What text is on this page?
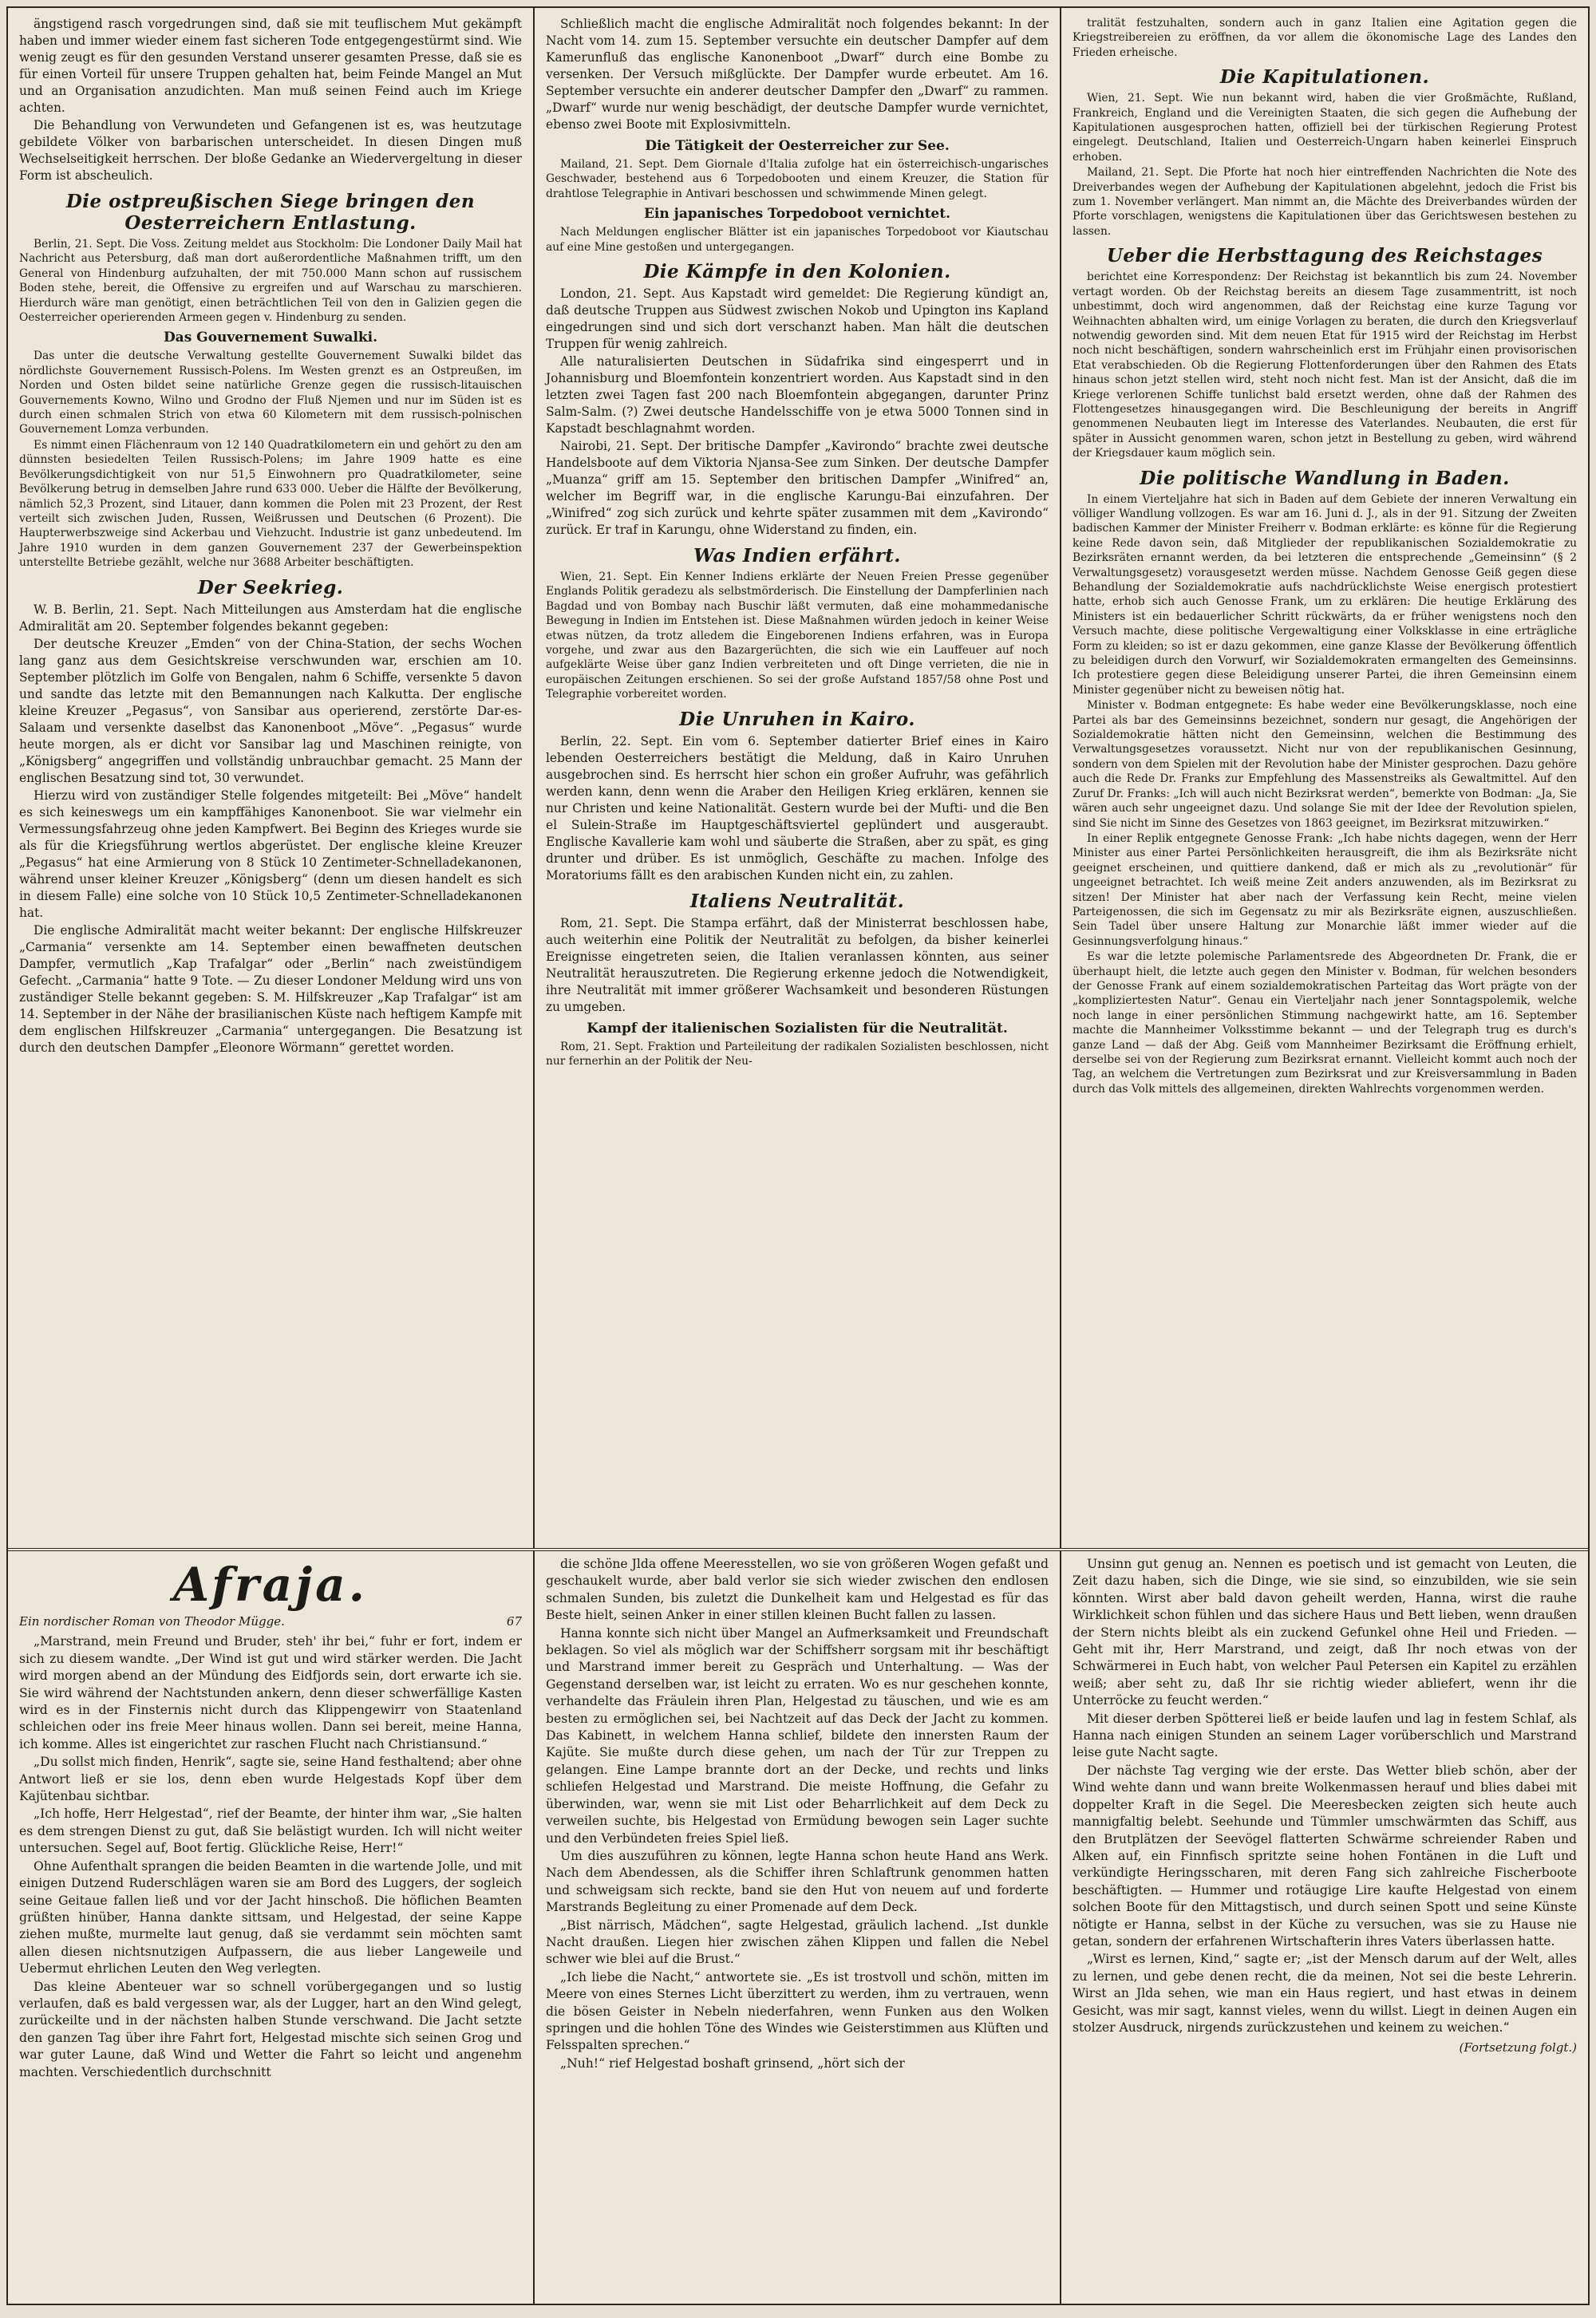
ängstigend rasch vorgedrungen sind, daß sie mit teuflischem Mut gekämpft haben und immer wieder einem fast sicheren Tode entgegengestürmt sind. Wie wenig zeugt es für den gesunden Verstand unserer gesamten Presse, daß sie es für einen Vorteil für unsere Truppen gehalten hat, beim Feinde Mangel an Mut und an Organisation anzudichten. Man muß seinen Feind auch im Kriege achten.

Die Behandlung von Verwundeten und Gefangenen ist es, was heutzutage gebildete Völker von barbarischen unterscheidet. In diesen Dingen muß Wechselseitigkeit herrschen. Der bloße Gedanke an Wiedervergeltung in dieser Form ist abscheulich.

Die ostpreußischen Siege bringen den Oesterreichern Entlastung.

Berlin, 21. Sept. Die Voss. Zeitung meldet aus Stockholm: Die Londoner Daily Mail hat Nachricht aus Petersburg, daß man dort außerordentliche Maßnahmen trifft, um den General von Hindenburg aufzuhalten, der mit 750.000 Mann schon auf russischem Boden stehe, bereit, die Offensive zu ergreifen und auf Warschau zu marschieren. Hierdurch wäre man genötigt, einen beträchtlichen Teil von den in Galizien gegen die Oesterreicher operierenden Armeen gegen v. Hindenburg zu senden.

Das Gouvernement Suwalki.

Das unter die deutsche Verwaltung gestellte Gouvernement Suwalki bildet das nördlichste Gouvernement Russisch-Polens. Im Westen grenzt es an Ostpreußen, im Norden und Osten bildet seine natürliche Grenze gegen die russisch-litauischen Gouvernements Kowno, Wilno und Grodno der Fluß Njemen und nur im Süden ist es durch einen schmalen Strich von etwa 60 Kilometern mit dem russisch-polnischen Gouvernement Lomza verbunden.

Es nimmt einen Flächenraum von 12 140 Quadratkilometern ein und gehört zu den am dünnsten besiedelten Teilen Russisch-Polens; im Jahre 1909 hatte es eine Bevölkerungsdichtigkeit von nur 51,5 Einwohnern pro Quadratkilometer, seine Bevölkerung betrug in demselben Jahre rund 633 000. Ueber die Hälfte der Bevölkerung, nämlich 52,3 Prozent, sind Litauer, dann kommen die Polen mit 23 Prozent, der Rest verteilt sich zwischen Juden, Russen, Weißrussen und Deutschen (6 Prozent). Die Haupterwerbszweige sind Ackerbau und Viehzucht. Industrie ist ganz unbedeutend. Im Jahre 1910 wurden in dem ganzen Gouvernement 237 der Gewerbeinspektion unterstellte Betriebe gezählt, welche nur 3688 Arbeiter beschäftigten.

Der Seekrieg.

W. B. Berlin, 21. Sept. Nach Mitteilungen aus Amsterdam hat die englische Admiralität am 20. September folgendes bekannt gegeben:

Der deutsche Kreuzer „Emden“ von der China-Station, der sechs Wochen lang ganz aus dem Gesichtskreise verschwunden war, erschien am 10. September plötzlich im Golfe von Bengalen, nahm 6 Schiffe, versenkte 5 davon und sandte das letzte mit den Bemannungen nach Kalkutta. Der englische kleine Kreuzer „Pegasus“, von Sansibar aus operierend, zerstörte Dar-es-Salaam und versenkte daselbst das Kanonenboot „Möve“. „Pegasus“ wurde heute morgen, als er dicht vor Sansibar lag und Maschinen reinigte, von „Königsberg“ angegriffen und vollständig unbrauchbar gemacht. 25 Mann der englischen Besatzung sind tot, 30 verwundet.

Hierzu wird von zuständiger Stelle folgendes mitgeteilt: Bei „Möve“ handelt es sich keineswegs um ein kampffähiges Kanonenboot. Sie war vielmehr ein Vermessungsfahrzeug ohne jeden Kampfwert. Bei Beginn des Krieges wurde sie als für die Kriegsführung wertlos abgerüstet. Der englische kleine Kreuzer „Pegasus“ hat eine Armierung von 8 Stück 10 Zentimeter-Schnelladekanonen, während unser kleiner Kreuzer „Königsberg“ (denn um diesen handelt es sich in diesem Falle) eine solche von 10 Stück 10,5 Zentimeter-Schnelladekanonen hat.

Die englische Admiralität macht weiter bekannt: Der englische Hilfskreuzer „Carmania“ versenkte am 14. September einen bewaffneten deutschen Dampfer, vermutlich „Kap Trafalgar“ oder „Berlin“ nach zweistündigem Gefecht. „Carmania“ hatte 9 Tote. — Zu dieser Londoner Meldung wird uns von zuständiger Stelle bekannt gegeben: S. M. Hilfskreuzer „Kap Trafalgar“ ist am 14. September in der Nähe der brasilianischen Küste nach heftigem Kampfe mit dem englischen Hilfskreuzer „Carmania“ untergegangen. Die Besatzung ist durch den deutschen Dampfer „Eleonore Wörmann“ gerettet worden.

Schließlich macht die englische Admiralität noch folgendes bekannt: In der Nacht vom 14. zum 15. September versuchte ein deutscher Dampfer auf dem Kamerunfluß das englische Kanonenboot „Dwarf“ durch eine Bombe zu versenken. Der Versuch mißglückte. Der Dampfer wurde erbeutet. Am 16. September versuchte ein anderer deutscher Dampfer den „Dwarf“ zu rammen. „Dwarf“ wurde nur wenig beschädigt, der deutsche Dampfer wurde vernichtet, ebenso zwei Boote mit Explosivmitteln.

Die Tätigkeit der Oesterreicher zur See.

Mailand, 21. Sept. Dem Giornale d'Italia zufolge hat ein österreichisch-ungarisches Geschwader, bestehend aus 6 Torpedobooten und einem Kreuzer, die Station für drahtlose Telegraphie in Antivari beschossen und schwimmende Minen gelegt.

Ein japanisches Torpedoboot vernichtet.

Nach Meldungen englischer Blätter ist ein japanisches Torpedoboot vor Kiautschau auf eine Mine gestoßen und untergegangen.

Die Kämpfe in den Kolonien.

London, 21. Sept. Aus Kapstadt wird gemeldet: Die Regierung kündigt an, daß deutsche Truppen aus Südwest zwischen Nokob und Upington ins Kapland eingedrungen sind und sich dort verschanzt haben. Man hält die deutschen Truppen für wenig zahlreich.

Alle naturalisierten Deutschen in Südafrika sind eingesperrt und in Johannisburg und Bloemfontein konzentriert worden. Aus Kapstadt sind in den letzten zwei Tagen fast 200 nach Bloemfontein abgegangen, darunter Prinz Salm-Salm. (?) Zwei deutsche Handelsschiffe von je etwa 5000 Tonnen sind in Kapstadt beschlagnahmt worden.

Nairobi, 21. Sept. Der britische Dampfer „Kavirondo“ brachte zwei deutsche Handelsboote auf dem Viktoria Njansa-See zum Sinken. Der deutsche Dampfer „Muanza“ griff am 15. September den britischen Dampfer „Winifred“ an, welcher im Begriff war, in die englische Karungu-Bai einzufahren. Der „Winifred“ zog sich zurück und kehrte später zusammen mit dem „Kavirondo“ zurück. Er traf in Karungu, ohne Widerstand zu finden, ein.

Was Indien erfährt.

Wien, 21. Sept. Ein Kenner Indiens erklärte der Neuen Freien Presse gegenüber Englands Politik geradezu als selbstmörderisch. Die Einstellung der Dampferlinien nach Bagdad und von Bombay nach Buschir läßt vermuten, daß eine mohammedanische Bewegung in Indien im Entstehen ist. Diese Maßnahmen würden jedoch in keiner Weise etwas nützen, da trotz alledem die Eingeborenen Indiens erfahren, was in Europa vorgehe, und zwar aus den Bazargerüchten, die sich wie ein Lauffeuer auf noch aufgeklärte Weise über ganz Indien verbreiteten und oft Dinge verrieten, die nie in europäischen Zeitungen erschienen. So sei der große Aufstand 1857/58 ohne Post und Telegraphie vorbereitet worden.

Die Unruhen in Kairo.

Berlin, 22. Sept. Ein vom 6. September datierter Brief eines in Kairo lebenden Oesterreichers bestätigt die Meldung, daß in Kairo Unruhen ausgebrochen sind. Es herrscht hier schon ein großer Aufruhr, was gefährlich werden kann, denn wenn die Araber den Heiligen Krieg erklären, kennen sie nur Christen und keine Nationalität. Gestern wurde bei der Mufti- und die Ben el Sulein-Straße im Hauptgeschäftsviertel geplündert und ausgeraubt. Englische Kavallerie kam wohl und säuberte die Straßen, aber zu spät, es ging drunter und drüber. Es ist unmöglich, Geschäfte zu machen. Infolge des Moratoriums fällt es den arabischen Kunden nicht ein, zu zahlen.

Italiens Neutralität.

Rom, 21. Sept. Die Stampa erfährt, daß der Ministerrat beschlossen habe, auch weiterhin eine Politik der Neutralität zu befolgen, da bisher keinerlei Ereignisse eingetreten seien, die Italien veranlassen könnten, aus seiner Neutralität herauszutreten. Die Regierung erkenne jedoch die Notwendigkeit, ihre Neutralität mit immer größerer Wachsamkeit und besonderen Rüstungen zu umgeben.

Kampf der italienischen Sozialisten für die Neutralität.

Rom, 21. Sept. Fraktion und Parteileitung der radikalen Sozialisten beschlossen, nicht nur fernerhin an der Politik der Neu-

tralität festzuhalten, sondern auch in ganz Italien eine Agitation gegen die Kriegstreibereien zu eröffnen, da vor allem die ökonomische Lage des Landes den Frieden erheische.

Die Kapitulationen.

Wien, 21. Sept. Wie nun bekannt wird, haben die vier Großmächte, Rußland, Frankreich, England und die Vereinigten Staaten, die sich gegen die Aufhebung der Kapitulationen ausgesprochen hatten, offiziell bei der türkischen Regierung Protest eingelegt. Deutschland, Italien und Oesterreich-Ungarn haben keinerlei Einspruch erhoben.

Mailand, 21. Sept. Die Pforte hat noch hier eintreffenden Nachrichten die Note des Dreiverbandes wegen der Aufhebung der Kapitulationen abgelehnt, jedoch die Frist bis zum 1. November verlängert. Man nimmt an, die Mächte des Dreiverbandes würden der Pforte vorschlagen, wenigstens die Kapitulationen über das Gerichtswesen bestehen zu lassen.

Ueber die Herbsttagung des Reichstages

berichtet eine Korrespondenz: Der Reichstag ist bekanntlich bis zum 24. November vertagt worden. Ob der Reichstag bereits an diesem Tage zusammentritt, ist noch unbestimmt, doch wird angenommen, daß der Reichstag eine kurze Tagung vor Weihnachten abhalten wird, um einige Vorlagen zu beraten, die durch den Kriegsverlauf notwendig geworden sind. Mit dem neuen Etat für 1915 wird der Reichstag im Herbst noch nicht beschäftigen, sondern wahrscheinlich erst im Frühjahr einen provisorischen Etat verabschieden. Ob die Regierung Flottenforderungen über den Rahmen des Etats hinaus schon jetzt stellen wird, steht noch nicht fest. Man ist der Ansicht, daß die im Kriege verlorenen Schiffe tunlichst bald ersetzt werden, ohne daß der Rahmen des Flottengesetzes hinausgegangen wird. Die Beschleunigung der bereits in Angriff genommenen Neubauten liegt im Interesse des Vaterlandes. Neubauten, die erst für später in Aussicht genommen waren, schon jetzt in Bestellung zu geben, wird während der Kriegsdauer kaum möglich sein.

Die politische Wandlung in Baden.

In einem Vierteljahre hat sich in Baden auf dem Gebiete der inneren Verwaltung ein völliger Wandlung vollzogen. Es war am 16. Juni d. J., als in der 91. Sitzung der Zweiten badischen Kammer der Minister Freiherr v. Bodman erklärte: es könne für die Regierung keine Rede davon sein, daß Mitglieder der republikanischen Sozialdemokratie zu Bezirksräten ernannt werden, da bei letzteren die entsprechende „Gemeinsinn“ (§ 2 Verwaltungsgesetz) vorausgesetzt werden müsse. Nachdem Genosse Geiß gegen diese Behandlung der Sozialdemokratie aufs nachdrücklichste Weise energisch protestiert hatte, erhob sich auch Genosse Frank, um zu erklären: Die heutige Erklärung des Ministers ist ein bedauerlicher Schritt rückwärts, da er früher wenigstens noch den Versuch machte, diese politische Vergewaltigung einer Volksklasse in eine erträgliche Form zu kleiden; so ist er dazu gekommen, eine ganze Klasse der Bevölkerung öffentlich zu beleidigen durch den Vorwurf, wir Sozialdemokraten ermangelten des Gemeinsinns. Ich protestiere gegen diese Beleidigung unserer Partei, die ihren Gemeinsinn einem Minister gegenüber nicht zu beweisen nötig hat.

Minister v. Bodman entgegnete: Es habe weder eine Bevölkerungsklasse, noch eine Partei als bar des Gemeinsinns bezeichnet, sondern nur gesagt, die Angehörigen der Sozialdemokratie hätten nicht den Gemeinsinn, welchen die Bestimmung des Verwaltungsgesetzes voraussetzt. Nicht nur von der republikanischen Gesinnung, sondern von dem Spielen mit der Revolution habe der Minister gesprochen. Dazu gehöre auch die Rede Dr. Franks zur Empfehlung des Massenstreiks als Gewaltmittel. Auf den Zuruf Dr. Franks: „Ich will auch nicht Bezirksrat werden“, bemerkte von Bodman: „Ja, Sie wären auch sehr ungeeignet dazu. Und solange Sie mit der Idee der Revolution spielen, sind Sie nicht im Sinne des Gesetzes von 1863 geeignet, im Bezirksrat mitzuwirken.“

In einer Replik entgegnete Genosse Frank: „Ich habe nichts dagegen, wenn der Herr Minister aus einer Partei Persönlichkeiten herausgreift, die ihm als Bezirksräte nicht geeignet erscheinen, und quittiere dankend, daß er mich als zu „revolutionär“ für ungeeignet betrachtet. Ich weiß meine Zeit anders anzuwenden, als im Bezirksrat zu sitzen! Der Minister hat aber nach der Verfassung kein Recht, meine vielen Parteigenossen, die sich im Gegensatz zu mir als Bezirksräte eignen, auszuschließen. Sein Tadel über unsere Haltung zur Monarchie läßt immer wieder auf die Gesinnungsverfolgung hinaus.“

Es war die letzte polemische Parlamentsrede des Abgeordneten Dr. Frank, die er überhaupt hielt, die letzte auch gegen den Minister v. Bodman, für welchen besonders der Genosse Frank auf einem sozialdemokratischen Parteitag das Wort prägte von der „kompliziertesten Natur“. Genau ein Vierteljahr nach jener Sonntagspolemik, welche noch lange in einer persönlichen Stimmung nachgewirkt hatte, am 16. September machte die Mannheimer Volksstimme bekannt — und der Telegraph trug es durch's ganze Land — daß der Abg. Geiß vom Mannheimer Bezirksamt die Eröffnung erhielt, derselbe sei von der Regierung zum Bezirksrat ernannt. Vielleicht kommt auch noch der Tag, an welchem die Vertretungen zum Bezirksrat und zur Kreisversammlung in Baden durch das Volk mittels des allgemeinen, direkten Wahlrechts vorgenommen werden.

Afraja.
Ein nordischer Roman von Theodor Mügge.	67

„Marstrand, mein Freund und Bruder, steh' ihr bei,“ fuhr er fort, indem er sich zu diesem wandte. „Der Wind ist gut und wird stärker werden. Die Jacht wird morgen abend an der Mündung des Eidfjords sein, dort erwarte ich sie. Sie wird während der Nachtstunden ankern, denn dieser schwerfällige Kasten wird es in der Finsternis nicht durch das Klippengewirr von Staatenland schleichen oder ins freie Meer hinaus wollen. Dann sei bereit, meine Hanna, ich komme. Alles ist eingerichtet zur raschen Flucht nach Christiansund.“

„Du sollst mich finden, Henrik“, sagte sie, seine Hand festhaltend; aber ohne Antwort ließ er sie los, denn eben wurde Helgestads Kopf über dem Kajütenbau sichtbar.

„Ich hoffe, Herr Helgestad“, rief der Beamte, der hinter ihm war, „Sie halten es dem strengen Dienst zu gut, daß Sie belästigt wurden. Ich will nicht weiter untersuchen. Segel auf, Boot fertig. Glückliche Reise, Herr!“

Ohne Aufenthalt sprangen die beiden Beamten in die wartende Jolle, und mit einigen Dutzend Ruderschlägen waren sie am Bord des Luggers, der sogleich seine Geitaue fallen ließ und vor der Jacht hinschoß. Die höflichen Beamten grüßten hinüber, Hanna dankte sittsam, und Helgestad, der seine Kappe ziehen mußte, murmelte laut genug, daß sie verdammt sein möchten samt allen diesen nichtsnutzigen Aufpassern, die aus lieber Langeweile und Uebermut ehrlichen Leuten den Weg verlegten.

Das kleine Abenteuer war so schnell vorübergegangen und so lustig verlaufen, daß es bald vergessen war, als der Lugger, hart an den Wind gelegt, zurückeilte und in der nächsten halben Stunde verschwand. Die Jacht setzte den ganzen Tag über ihre Fahrt fort, Helgestad mischte sich seinen Grog und war guter Laune, daß Wind und Wetter die Fahrt so leicht und angenehm machten. Verschiedentlich durchschnitt

die schöne Jlda offene Meeresstellen, wo sie von größeren Wogen gefaßt und geschaukelt wurde, aber bald verlor sie sich wieder zwischen den endlosen schmalen Sunden, bis zuletzt die Dunkelheit kam und Helgestad es für das Beste hielt, seinen Anker in einer stillen kleinen Bucht fallen zu lassen.

Hanna konnte sich nicht über Mangel an Aufmerksamkeit und Freundschaft beklagen. So viel als möglich war der Schiffsherr sorgsam mit ihr beschäftigt und Marstrand immer bereit zu Gespräch und Unterhaltung. — Was der Gegenstand derselben war, ist leicht zu erraten. Wo es nur geschehen konnte, verhandelte das Fräulein ihren Plan, Helgestad zu täuschen, und wie es am besten zu ermöglichen sei, bei Nachtzeit auf das Deck der Jacht zu kommen. Das Kabinett, in welchem Hanna schlief, bildete den innersten Raum der Kajüte. Sie mußte durch diese gehen, um nach der Tür zur Treppen zu gelangen. Eine Lampe brannte dort an der Decke, und rechts und links schliefen Helgestad und Marstrand. Die meiste Hoffnung, die Gefahr zu überwinden, war, wenn sie mit List oder Beharrlichkeit auf dem Deck zu verweilen suchte, bis Helgestad von Ermüdung bewogen sein Lager suchte und den Verbündeten freies Spiel ließ.

Um dies auszuführen zu können, legte Hanna schon heute Hand ans Werk. Nach dem Abendessen, als die Schiffer ihren Schlaftrunk genommen hatten und schweigsam sich reckte, band sie den Hut von neuem auf und forderte Marstrands Begleitung zu einer Promenade auf dem Deck.

„Bist närrisch, Mädchen“, sagte Helgestad, gräulich lachend. „Ist dunkle Nacht draußen. Liegen hier zwischen zähen Klippen und fallen die Nebel schwer wie blei auf die Brust.“

„Ich liebe die Nacht,“ antwortete sie. „Es ist trostvoll und schön, mitten im Meere von eines Sternes Licht überzittert zu werden, ihm zu vertrauen, wenn die bösen Geister in Nebeln niederfahren, wenn Funken aus den Wolken springen und die hohlen Töne des Windes wie Geisterstimmen aus Klüften und Felsspalten sprechen.“

„Nuh!“ rief Helgestad boshaft grinsend, „hört sich der

Unsinn gut genug an. Nennen es poetisch und ist gemacht von Leuten, die Zeit dazu haben, sich die Dinge, wie sie sind, so einzubilden, wie sie sein könnten. Wirst aber bald davon geheilt werden, Hanna, wirst die rauhe Wirklichkeit schon fühlen und das sichere Haus und Bett lieben, wenn draußen der Stern nichts bleibt als ein zuckend Gefunkel ohne Heil und Frieden. — Geht mit ihr, Herr Marstrand, und zeigt, daß Ihr noch etwas von der Schwärmerei in Euch habt, von welcher Paul Petersen ein Kapitel zu erzählen weiß; aber seht zu, daß Ihr sie richtig wieder abliefert, wenn ihr die Unterröcke zu feucht werden.“

Mit dieser derben Spötterei ließ er beide laufen und lag in festem Schlaf, als Hanna nach einigen Stunden an seinem Lager vorüberschlich und Marstrand leise gute Nacht sagte.

Der nächste Tag verging wie der erste. Das Wetter blieb schön, aber der Wind wehte dann und wann breite Wolkenmassen herauf und blies dabei mit doppelter Kraft in die Segel. Die Meeresbecken zeigten sich heute auch mannigfaltig belebt. Seehunde und Tümmler umschwärmten das Schiff, aus den Brutplätzen der Seevögel flatterten Schwärme schreiender Raben und Alken auf, ein Finnfisch spritzte seine hohen Fontänen in die Luft und verkündigte Heringsscharen, mit deren Fang sich zahlreiche Fischerboote beschäftigten. — Hummer und rotäugige Lire kaufte Helgestad von einem solchen Boote für den Mittagstisch, und durch seinen Spott und seine Künste nötigte er Hanna, selbst in der Küche zu versuchen, was sie zu Hause nie getan, sondern der erfahrenen Wirtschafterin ihres Vaters überlassen hatte.

„Wirst es lernen, Kind,“ sagte er; „ist der Mensch darum auf der Welt, alles zu lernen, und gebe denen recht, die da meinen, Not sei die beste Lehrerin. Wirst an Jlda sehen, wie man ein Haus regiert, und hast etwas in deinem Gesicht, was mir sagt, kannst vieles, wenn du willst. Liegt in deinen Augen ein stolzer Ausdruck, nirgends zurückzustehen und keinem zu weichen.“

(Fortsetzung folgt.)
